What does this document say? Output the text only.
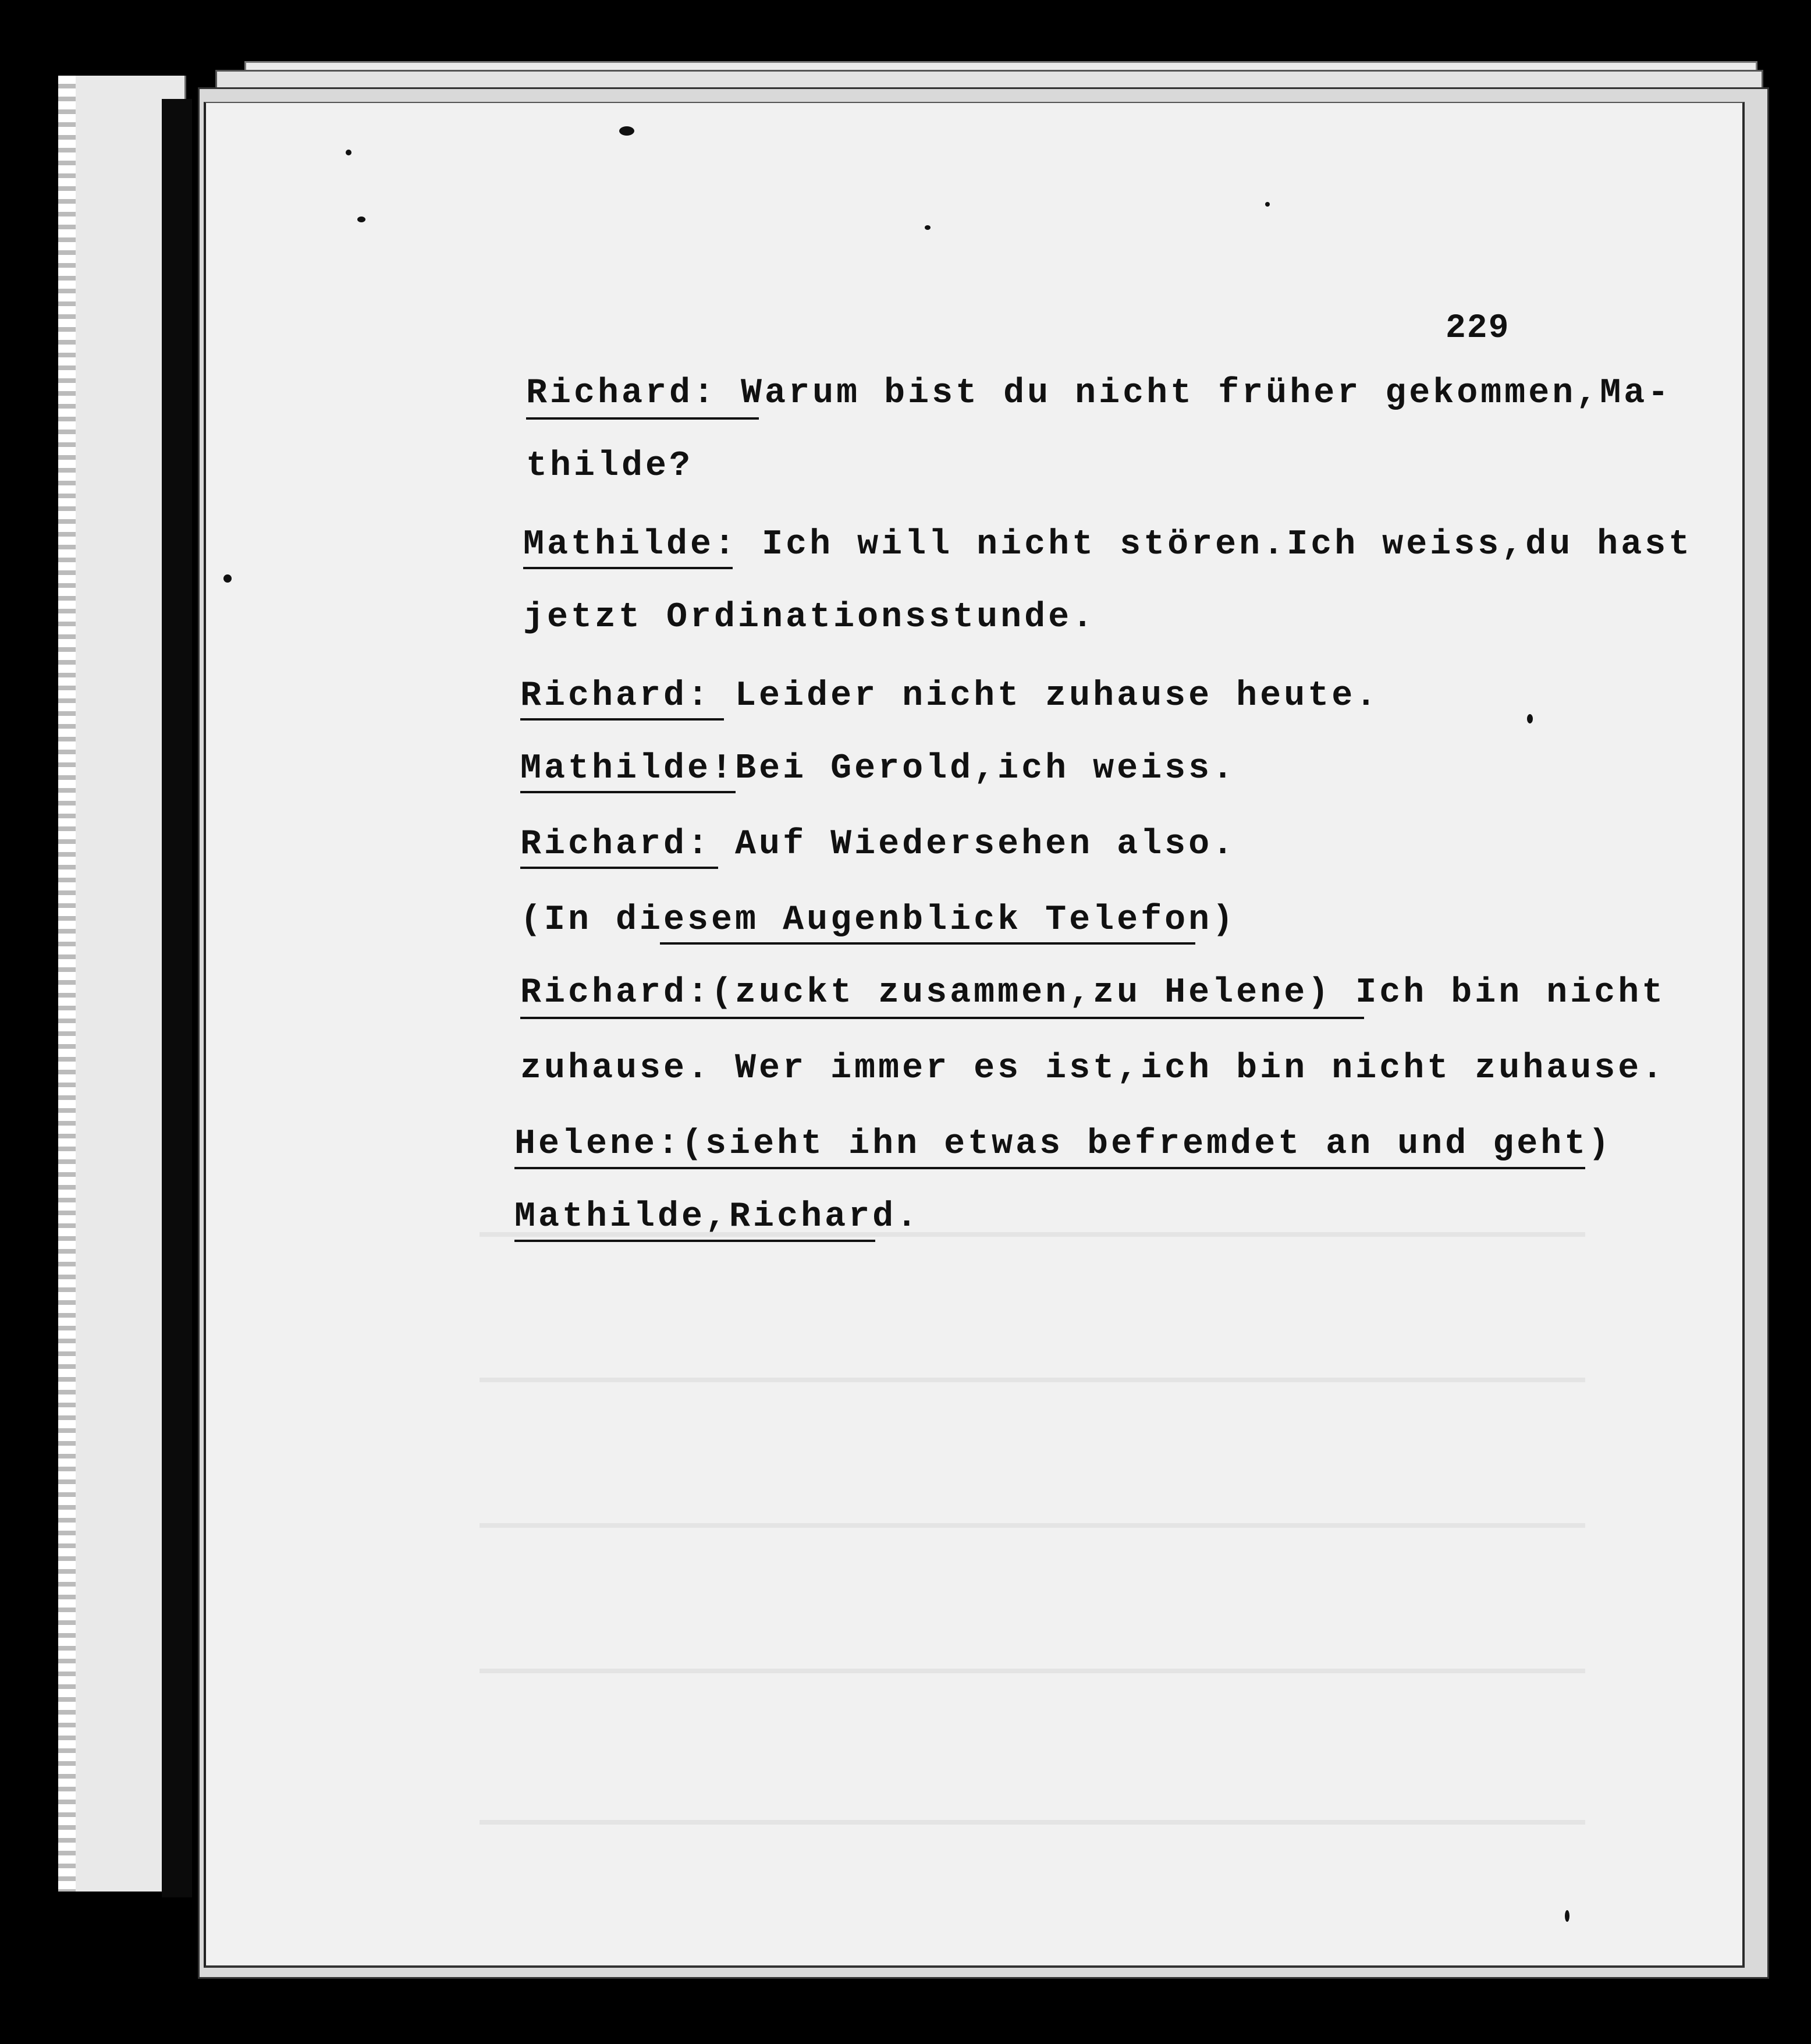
229
Richard: Warum bist du nicht früher gekommen,Ma-
thilde?
Mathilde: Ich will nicht stören.Ich weiss,du hast
jetzt Ordinationsstunde.
Richard: Leider nicht zuhause heute.
Mathilde!Bei Gerold,ich weiss.
Richard: Auf Wiedersehen also.
(In diesem Augenblick Telefon)
Richard:(zuckt zusammen,zu Helene) Ich bin nicht
zuhause. Wer immer es ist,ich bin nicht zuhause.
Helene:(sieht ihn etwas befremdet an und geht)
Mathilde,Richard.
